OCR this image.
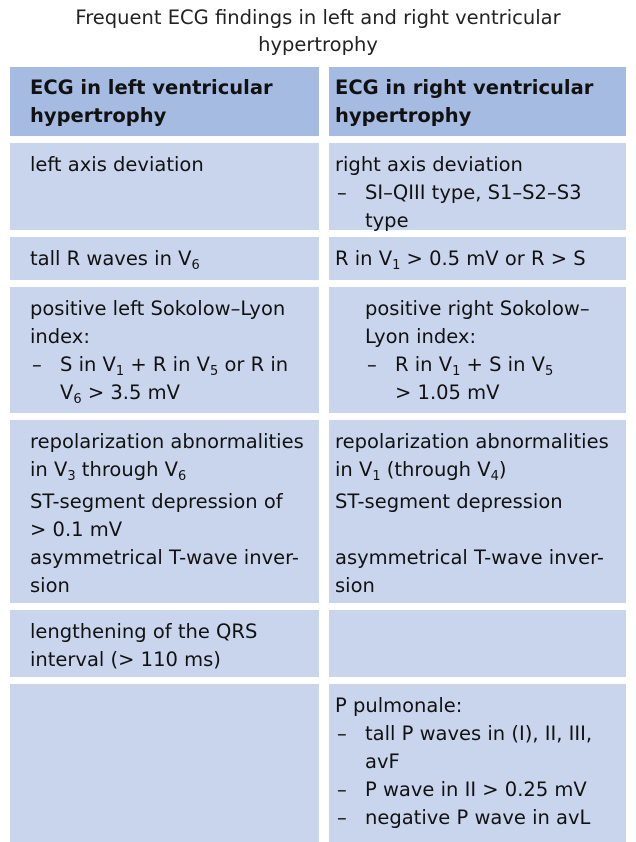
Frequent ECG findings in left and right ventricular
hypertrophy
ECG in left ventricular
hypertrophy
ECG in right ventricular
hypertrophy
left axis deviation	right axis deviation
– SI–QIII type, S1–S2–S3
type
tall R waves in $V_6$	R in $V_1 > 0.5$ mV or R > S
positive left Sokolow–Lyon
index:
– S in $V_1 + R$ in $V_5$ or R in
$V_6 > 3.5$ mV
positive right Sokolow–
Lyon index:
– R in $V_1 + S$ in $V_5$
> 1.05 mV
repolarization abnormalities
in $V_3$ through $V_6$
ST-segment depression of
> 0.1 mV
asymmetrical T-wave inver-
sion
repolarization abnormalities
in $V_1$ (through $V_4$)
ST-segment depression
asymmetrical T-wave inver-
sion
lengthening of the QRS
interval (> 110 ms)
P pulmonale:
– tall P waves in (I), II, III,
avF
– P wave in II > 0.25 mV
– negative P wave in avL
